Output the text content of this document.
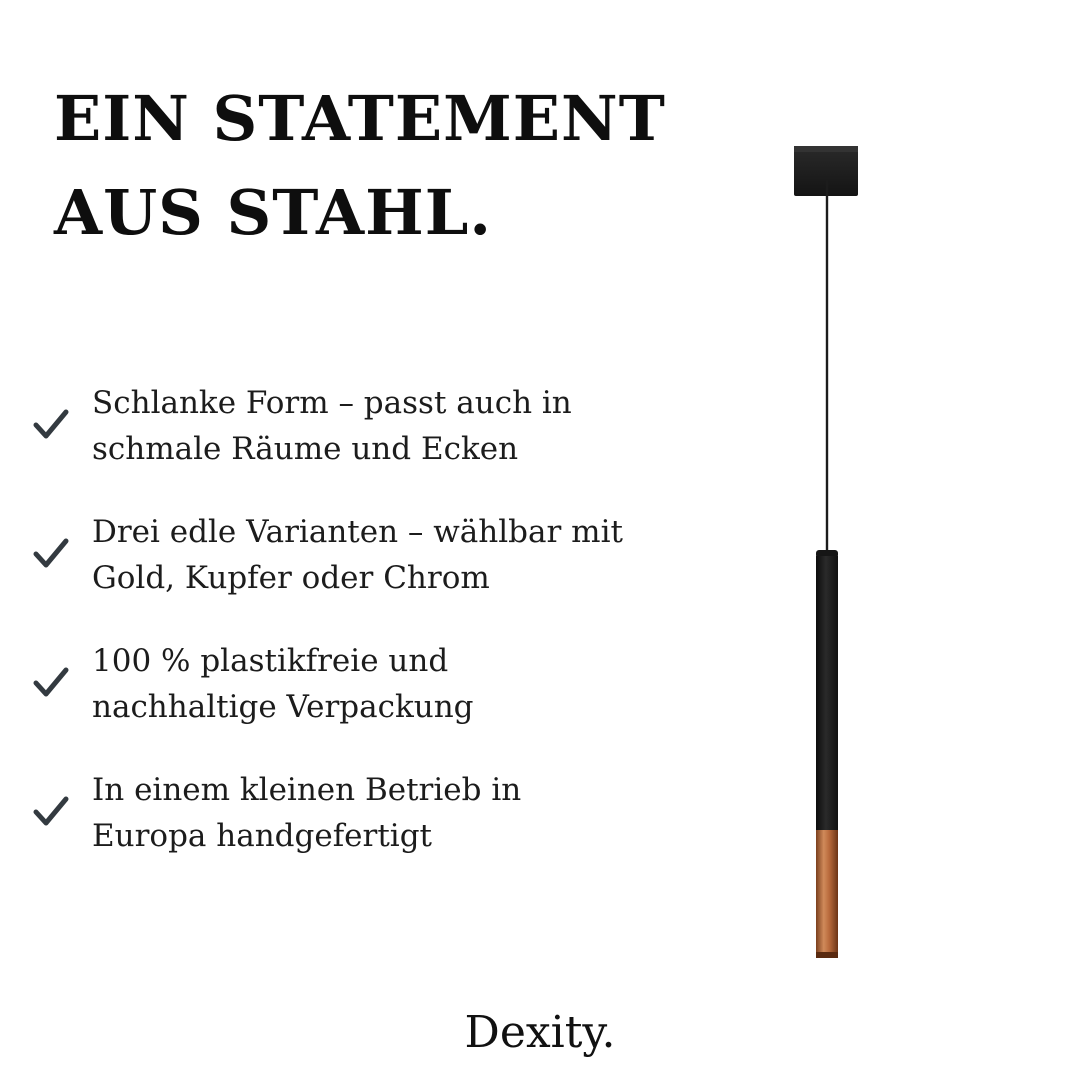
EIN STATEMENT
AUS STAHL.
Schlanke Form – passt auch in
schmale Räume und Ecken
Drei edle Varianten – wählbar mit
Gold, Kupfer oder Chrom
100 % plastikfreie und
nachhaltige Verpackung
In einem kleinen Betrieb in
Europa handgefertigt
Dexity.
